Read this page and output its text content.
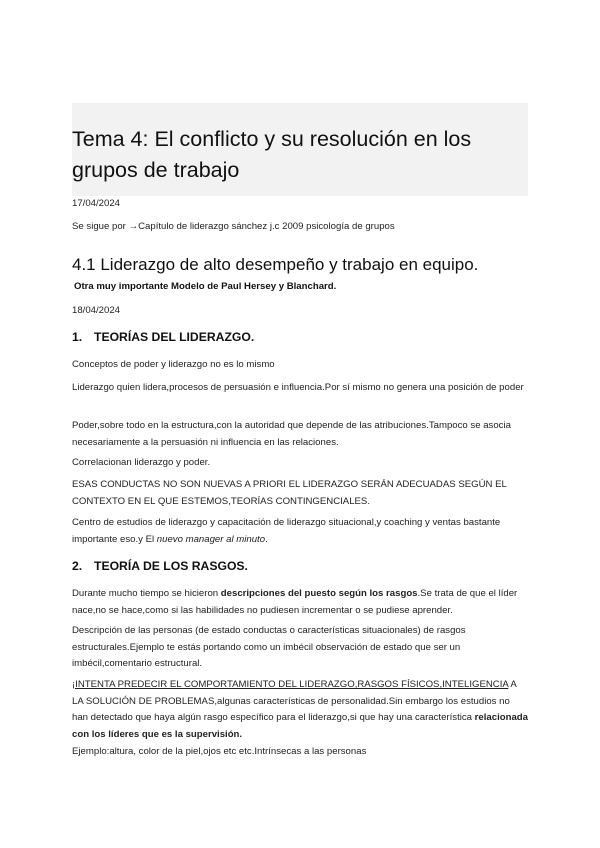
Tema 4: El conflicto y su resolución en los grupos de trabajo
17/04/2024
Se sigue por →Capítulo de liderazgo sánchez j.c 2009 psicología de grupos
4.1 Liderazgo de alto desempeño y trabajo en equipo.
Otra muy importante Modelo de Paul Hersey y Blanchard.
18/04/2024
1. TEORÍAS DEL LIDERAZGO.
Conceptos de poder y liderazgo no es lo mismo
Liderazgo quien lidera,procesos de persuasión e influencia.Por sí mismo no genera una posición de poder
Poder,sobre todo en la estructura,con la autoridad que depende de las atribuciones.Tampoco se asocia necesariamente a la persuasión ni influencia en las relaciones.
Correlacionan liderazgo y poder.
ESAS CONDUCTAS NO SON NUEVAS A PRIORI EL LIDERAZGO SERÁN ADECUADAS SEGÚN EL CONTEXTO EN EL QUE ESTEMOS,TEORÍAS CONTINGENCIALES.
Centro de estudios de liderazgo y capacitación de liderazgo situacional,y coaching y ventas bastante importante eso.y El nuevo manager al minuto.
2. TEORÍA DE LOS RASGOS.
Durante mucho tiempo se hicieron descripciones del puesto según los rasgos.Se trata de que el líder nace,no se hace,como si las habilidades no pudiesen incrementar o se pudiese aprender.
Descripción de las personas (de estado conductas o características situacionales) de rasgos estructurales.Ejemplo te estás portando como un imbécil observación de estado que ser un imbécil,comentario estructural.
¡INTENTA PREDECIR EL COMPORTAMIENTO DEL LIDERAZGO,RASGOS FÍSICOS,INTELIGENCIA A LA SOLUCIÓN DE PROBLEMAS,algunas características de personalidad.Sin embargo los estudios no han detectado que haya algún rasgo específico para el liderazgo,si que hay una característica relacionada con los líderes que es la supervisión.
Ejemplo:altura, color de la piel,ojos etc etc.Intrínsecas a las personas
